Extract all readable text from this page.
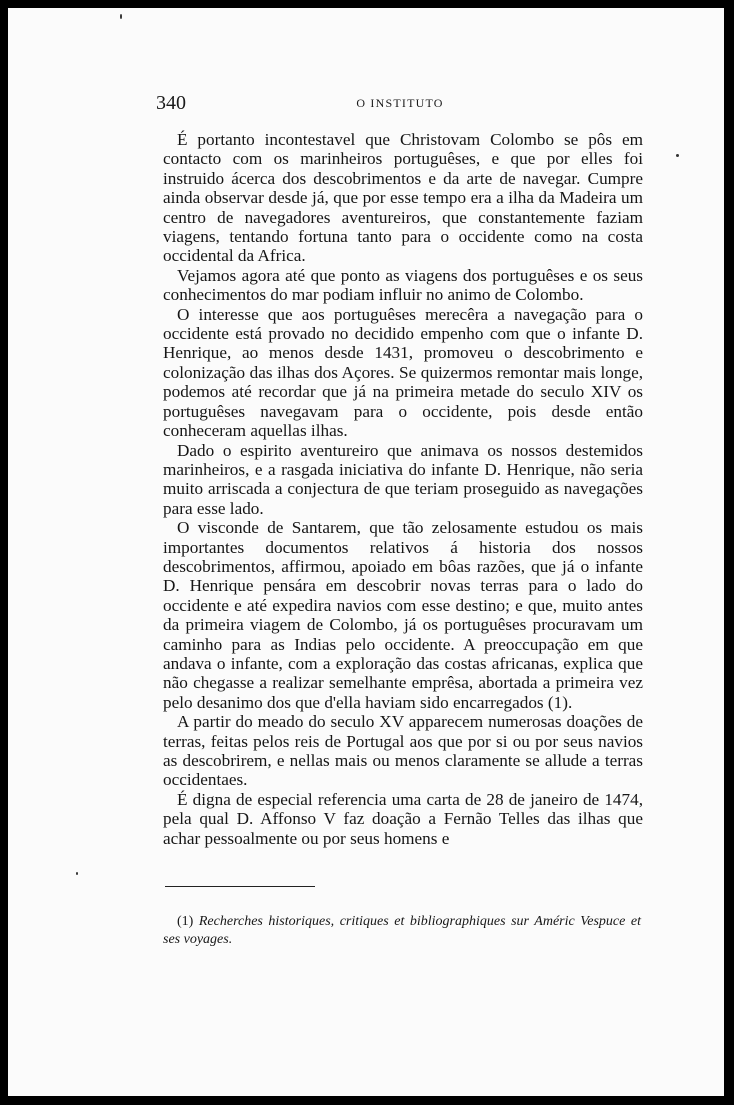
340	O INSTITUTO

É portanto incontestavel que Christovam Colombo se pôs em contacto com os marinheiros portuguêses, e que por elles foi instruido ácerca dos descobrimentos e da arte de navegar. Cumpre ainda observar desde já, que por esse tempo era a ilha da Madeira um centro de navegadores aventureiros, que constantemente faziam viagens, tentando fortuna tanto para o occidente como na costa occidental da Africa.

Vejamos agora até que ponto as viagens dos portuguêses e os seus conhecimentos do mar podiam influir no animo de Colombo.

O interesse que aos portuguêses merecêra a navegação para o occidente está provado no decidido empenho com que o infante D. Henrique, ao menos desde 1431, promoveu o descobrimento e colonização das ilhas dos Açores. Se quizermos remontar mais longe, podemos até recordar que já na primeira metade do seculo XIV os portuguêses navegavam para o occidente, pois desde então conheceram aquellas ilhas.

Dado o espirito aventureiro que animava os nossos destemidos marinheiros, e a rasgada iniciativa do infante D. Henrique, não seria muito arriscada a conjectura de que teriam proseguido as navegações para esse lado.

O visconde de Santarem, que tão zelosamente estudou os mais importantes documentos relativos á historia dos nossos descobrimentos, affirmou, apoiado em bôas razões, que já o infante D. Henrique pensára em descobrir novas terras para o lado do occidente e até expedira navios com esse destino; e que, muito antes da primeira viagem de Colombo, já os portuguêses procuravam um caminho para as Indias pelo occidente. A preoccupação em que andava o infante, com a exploração das costas africanas, explica que não chegasse a realizar semelhante emprêsa, abortada a primeira vez pelo desanimo dos que d'ella haviam sido encarregados (1).

A partir do meado do seculo XV apparecem numerosas doações de terras, feitas pelos reis de Portugal aos que por si ou por seus navios as descobrirem, e nellas mais ou menos claramente se allude a terras occidentaes.

É digna de especial referencia uma carta de 28 de janeiro de 1474, pela qual D. Affonso V faz doação a Fernão Telles das ilhas que achar pessoalmente ou por seus homens e

(1) Recherches historiques, critiques et bibliographiques sur Améric Vespuce et ses voyages.
